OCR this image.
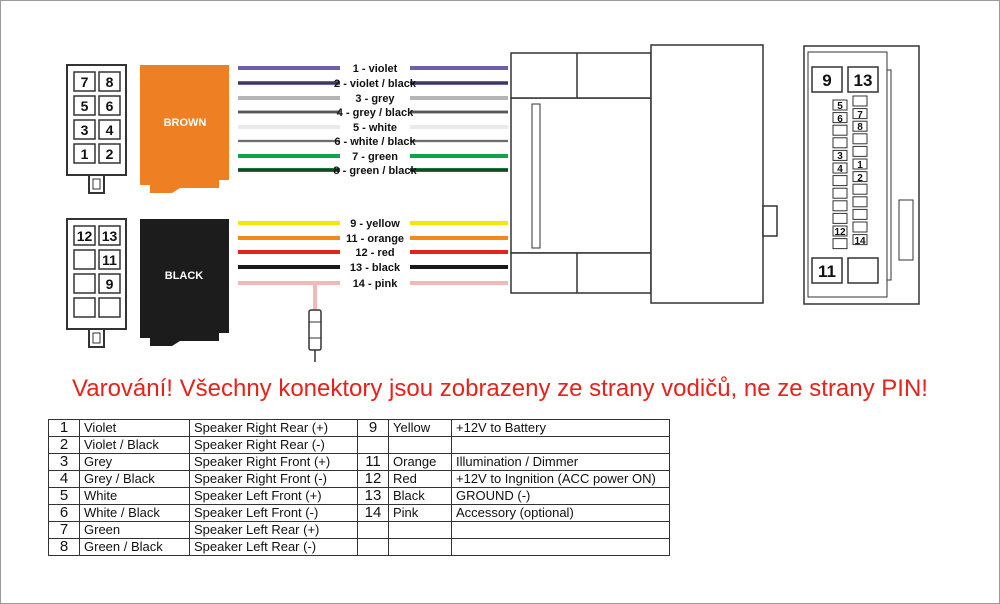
7 8
5 6
3 4
1 2
12 13
11
9
BROWN
BLACK
1 - violet
2 - violet / black
3 - grey
4 - grey / black
5 - white
6 - white / black
7 - green
8 - green / black
9 - yellow
11 - orange
12 - red
13 - black
14 - pink
9 13
11
5
7
6
8
3
1
4
2
12
14
Varování! Všechny konektory jsou zobrazeny ze strany vodičů, ne ze strany PIN!
1	Violet	Speaker Right Rear (+)	9	Yellow	+12V to Battery
2	Violet / Black	Speaker Right Rear (-)			
3	Grey	Speaker Right Front (+)	11	Orange	Illumination / Dimmer
4	Grey / Black	Speaker Right Front (-)	12	Red	+12V to Ingnition (ACC power ON)
5	White	Speaker Left Front (+)	13	Black	GROUND (-)
6	White / Black	Speaker Left Front (-)	14	Pink	Accessory (optional)
7	Green	Speaker Left Rear (+)			
8	Green / Black	Speaker Left Rear (-)			
